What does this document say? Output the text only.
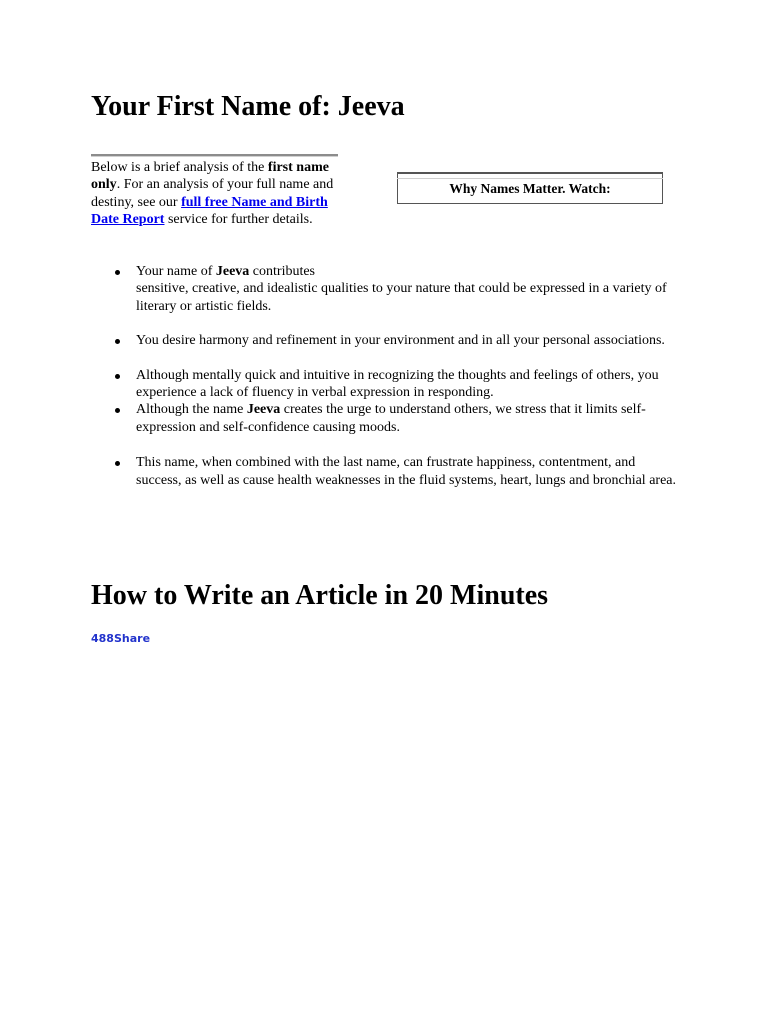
Your First Name of: Jeeva

Below is a brief analysis of the first name only. For an analysis of your full name and destiny, see our full free Name and Birth Date Report service for further details.

Why Names Matter. Watch:
Your name of Jeeva contributes
sensitive, creative, and idealistic qualities to your nature that could be expressed in a variety of literary or artistic fields.
You desire harmony and refinement in your environment and in all your personal associations.
Although mentally quick and intuitive in recognizing the thoughts and feelings of others, you experience a lack of fluency in verbal expression in responding.
Although the name Jeeva creates the urge to understand others, we stress that it limits self-expression and self-confidence causing moods.
This name, when combined with the last name, can frustrate happiness, contentment, and success, as well as cause health weaknesses in the fluid systems, heart, lungs and bronchial area.
How to Write an Article in 20 Minutes
488Share
